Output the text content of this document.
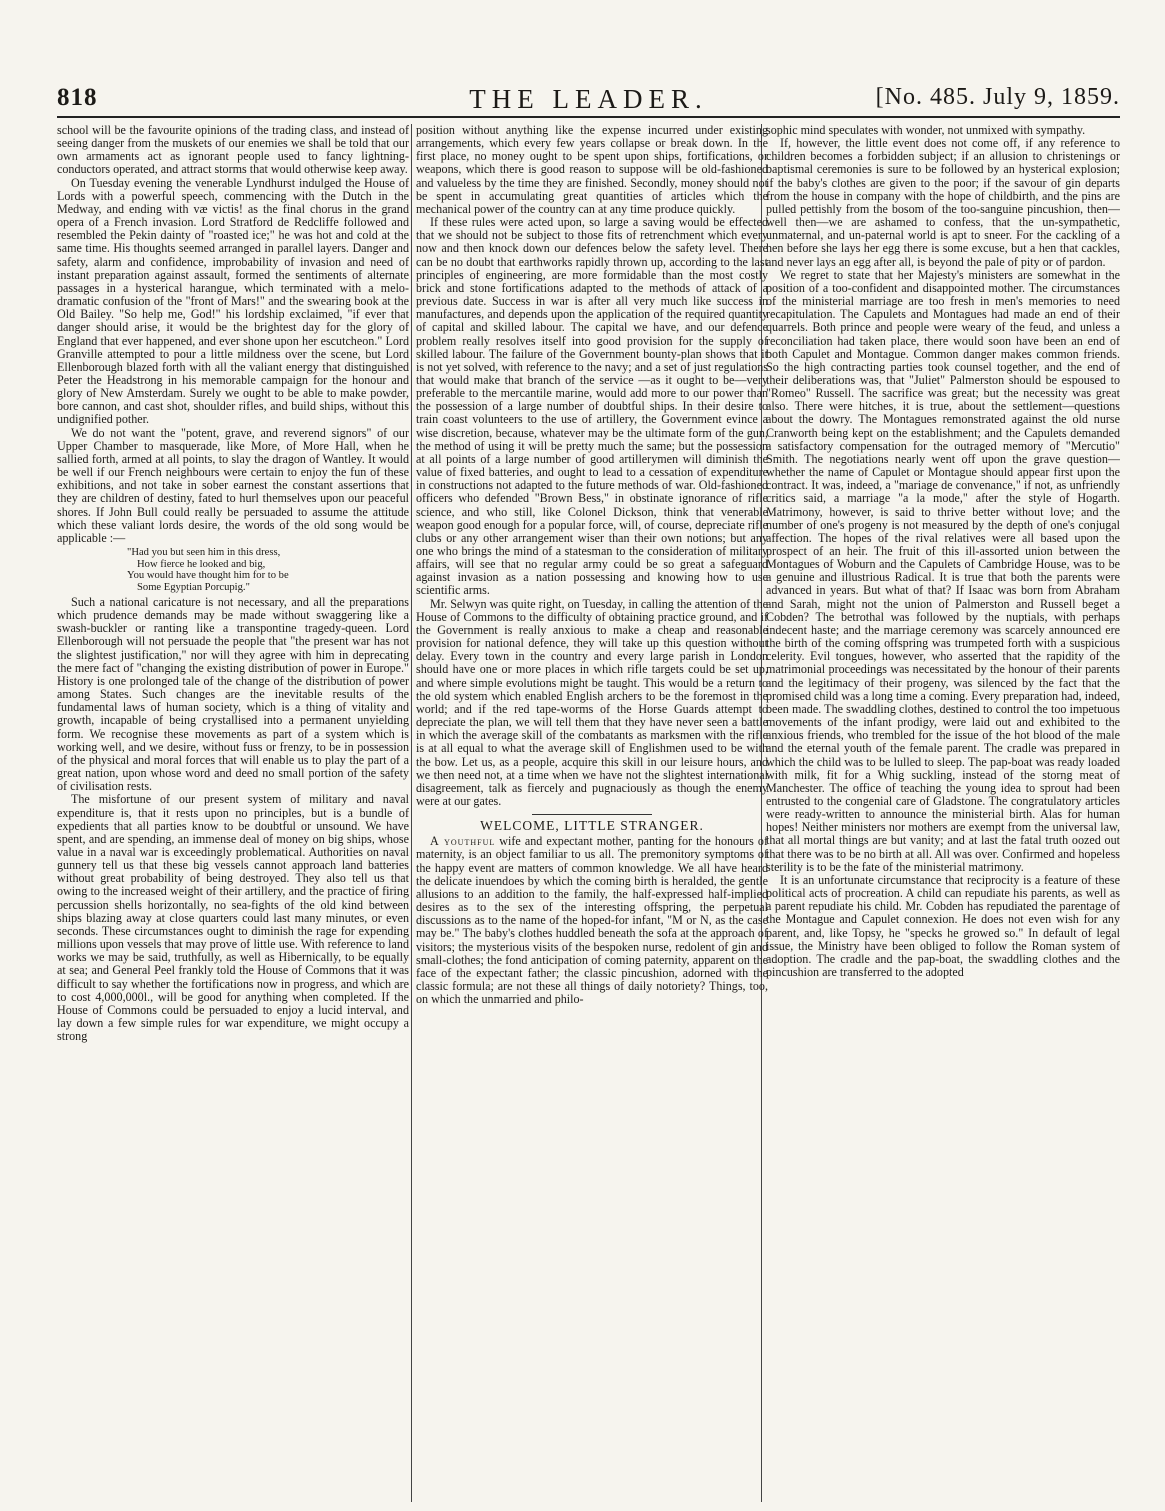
818	THE LEADER.	[No. 485. July 9, 1859.

school will be the favourite opinions of the trading class, and instead of seeing danger from the muskets of our enemies we shall be told that our own armaments act as ignorant people used to fancy lightning-conductors operated, and attract storms that would otherwise keep away.

On Tuesday evening the venerable Lyndhurst indulged the House of Lords with a powerful speech, commencing with the Dutch in the Medway, and ending with væ victis! as the final chorus in the grand opera of a French invasion. Lord Stratford de Redcliffe followed and resembled the Pekin dainty of "roasted ice;" he was hot and cold at the same time. His thoughts seemed arranged in parallel layers. Danger and safety, alarm and confidence, improbability of invasion and need of instant preparation against assault, formed the sentiments of alternate passages in a hysterical harangue, which terminated with a melo-dramatic confusion of the "front of Mars!" and the swearing book at the Old Bailey. "So help me, God!" his lordship exclaimed, "if ever that danger should arise, it would be the brightest day for the glory of England that ever happened, and ever shone upon her escutcheon." Lord Granville attempted to pour a little mildness over the scene, but Lord Ellenborough blazed forth with all the valiant energy that distinguished Peter the Headstrong in his memorable campaign for the honour and glory of New Amsterdam. Surely we ought to be able to make powder, bore cannon, and cast shot, shoulder rifles, and build ships, without this undignified pother.

We do not want the "potent, grave, and reverend signors" of our Upper Chamber to masquerade, like More, of More Hall, when he sallied forth, armed at all points, to slay the dragon of Wantley. It would be well if our French neighbours were certain to enjoy the fun of these exhibitions, and not take in sober earnest the constant assertions that they are children of destiny, fated to hurl themselves upon our peaceful shores. If John Bull could really be persuaded to assume the attitude which these valiant lords desire, the words of the old song would be applicable :—

"Had you but seen him in this dress,
How fierce he looked and big,
You would have thought him for to be
Some Egyptian Porcupig."

Such a national caricature is not necessary, and all the preparations which prudence demands may be made without swaggering like a swash-buckler or ranting like a transpontine tragedy-queen. Lord Ellenborough will not persuade the people that "the present war has not the slightest justification," nor will they agree with him in deprecating the mere fact of "changing the existing distribution of power in Europe." History is one prolonged tale of the change of the distribution of power among States. Such changes are the inevitable results of the fundamental laws of human society, which is a thing of vitality and growth, incapable of being crystallised into a permanent unyielding form. We recognise these movements as part of a system which is working well, and we desire, without fuss or frenzy, to be in possession of the physical and moral forces that will enable us to play the part of a great nation, upon whose word and deed no small portion of the safety of civilisation rests.

The misfortune of our present system of military and naval expenditure is, that it rests upon no principles, but is a bundle of expedients that all parties know to be doubtful or unsound. We have spent, and are spending, an immense deal of money on big ships, whose value in a naval war is exceedingly problematical. Authorities on naval gunnery tell us that these big vessels cannot approach land batteries without great probability of being destroyed. They also tell us that owing to the increased weight of their artillery, and the practice of firing percussion shells horizontally, no sea-fights of the old kind between ships blazing away at close quarters could last many minutes, or even seconds. These circumstances ought to diminish the rage for expending millions upon vessels that may prove of little use. With reference to land works we may be said, truthfully, as well as Hibernically, to be equally at sea; and General Peel frankly told the House of Commons that it was difficult to say whether the fortifications now in progress, and which are to cost 4,000,000l., will be good for anything when completed. If the House of Commons could be persuaded to enjoy a lucid interval, and lay down a few simple rules for war expenditure, we might occupy a strong

position without anything like the expense incurred under existing arrangements, which every few years collapse or break down. In the first place, no money ought to be spent upon ships, fortifications, or weapons, which there is good reason to suppose will be old-fashioned and valueless by the time they are finished. Secondly, money should not be spent in accumulating great quantities of articles which the mechanical power of the country can at any time produce quickly.

If these rules were acted upon, so large a saving would be effected that we should not be subject to those fits of retrenchment which every now and then knock down our defences below the safety level. There can be no doubt that earthworks rapidly thrown up, according to the last principles of engineering, are more formidable than the most costly brick and stone fortifications adapted to the methods of attack of a previous date. Success in war is after all very much like success in manufactures, and depends upon the application of the required quantity of capital and skilled labour. The capital we have, and our defence problem really resolves itself into good provision for the supply of skilled labour. The failure of the Government bounty-plan shows that it is not yet solved, with reference to the navy; and a set of just regulations that would make that branch of the service —as it ought to be—very preferable to the mercantile marine, would add more to our power than the possession of a large number of doubtful ships. In their desire to train coast volunteers to the use of artillery, the Government evince a wise discretion, because, whatever may be the ultimate form of the gun, the method of using it will be pretty much the same; but the possession at all points of a large number of good artillerymen will diminish the value of fixed batteries, and ought to lead to a cessation of expenditure in constructions not adapted to the future methods of war. Old-fashioned officers who defended "Brown Bess," in obstinate ignorance of rifle science, and who still, like Colonel Dickson, think that venerable weapon good enough for a popular force, will, of course, depreciate rifle clubs or any other arrangement wiser than their own notions; but any one who brings the mind of a statesman to the consideration of military affairs, will see that no regular army could be so great a safeguard against invasion as a nation possessing and knowing how to use scientific arms.

Mr. Selwyn was quite right, on Tuesday, in calling the attention of the House of Commons to the difficulty of obtaining practice ground, and if the Government is really anxious to make a cheap and reasonable provision for national defence, they will take up this question without delay. Every town in the country and every large parish in London should have one or more places in which rifle targets could be set up, and where simple evolutions might be taught. This would be a return to the old system which enabled English archers to be the foremost in the world; and if the red tape-worms of the Horse Guards attempt to depreciate the plan, we will tell them that they have never seen a battle in which the average skill of the combatants as marksmen with the rifle is at all equal to what the average skill of Englishmen used to be with the bow. Let us, as a people, acquire this skill in our leisure hours, and we then need not, at a time when we have not the slightest international disagreement, talk as fiercely and pugnaciously as though the enemy were at our gates.

WELCOME, LITTLE STRANGER.

A youthful wife and expectant mother, panting for the honours of maternity, is an object familiar to us all. The premonitory symptoms of the happy event are matters of common knowledge. We all have heard the delicate inuendoes by which the coming birth is heralded, the gentle allusions to an addition to the family, the half-expressed half-implied desires as to the sex of the interesting offspring, the perpetual discussions as to the name of the hoped-for infant, "M or N, as the case may be." The baby's clothes huddled beneath the sofa at the approach of visitors; the mysterious visits of the bespoken nurse, redolent of gin and small-clothes; the fond anticipation of coming paternity, apparent on the face of the expectant father; the classic pincushion, adorned with the classic formula; are not these all things of daily notoriety? Things, too, on which the unmarried and philo-

sophic mind speculates with wonder, not unmixed with sympathy.

If, however, the little event does not come off, if any reference to children becomes a forbidden subject; if an allusion to christenings or baptismal ceremonies is sure to be followed by an hysterical explosion; if the baby's clothes are given to the poor; if the savour of gin departs from the house in company with the hope of childbirth, and the pins are pulled pettishly from the bosom of the too-sanguine pincushion, then—well then—we are ashamed to confess, that the un-sympathetic, unmaternal, and un-paternal world is apt to sneer. For the cackling of a hen before she lays her egg there is some excuse, but a hen that cackles, and never lays an egg after all, is beyond the pale of pity or of pardon.

We regret to state that her Majesty's ministers are somewhat in the position of a too-confident and disappointed mother. The circumstances of the ministerial marriage are too fresh in men's memories to need recapitulation. The Capulets and Montagues had made an end of their quarrels. Both prince and people were weary of the feud, and unless a reconciliation had taken place, there would soon have been an end of both Capulet and Montague. Common danger makes common friends. So the high contracting parties took counsel together, and the end of their deliberations was, that "Juliet" Palmerston should be espoused to "Romeo" Russell. The sacrifice was great; but the necessity was great also. There were hitches, it is true, about the settlement—questions about the dowry. The Montagues remonstrated against the old nurse Cranworth being kept on the establishment; and the Capulets demanded a satisfactory compensation for the outraged memory of "Mercutio" Smith. The negotiations nearly went off upon the grave question—whether the name of Capulet or Montague should appear first upon the contract. It was, indeed, a "mariage de convenance," if not, as unfriendly critics said, a marriage "a la mode," after the style of Hogarth. Matrimony, however, is said to thrive better without love; and the number of one's progeny is not measured by the depth of one's conjugal affection. The hopes of the rival relatives were all based upon the prospect of an heir. The fruit of this ill-assorted union between the Montagues of Woburn and the Capulets of Cambridge House, was to be a genuine and illustrious Radical. It is true that both the parents were advanced in years. But what of that? If Isaac was born from Abraham and Sarah, might not the union of Palmerston and Russell beget a Cobden? The betrothal was followed by the nuptials, with perhaps indecent haste; and the marriage ceremony was scarcely announced ere the birth of the coming offspring was trumpeted forth with a suspicious celerity. Evil tongues, however, who asserted that the rapidity of the matrimonial proceedings was necessitated by the honour of their parents and the legitimacy of their progeny, was silenced by the fact that the promised child was a long time a coming. Every preparation had, indeed, been made. The swaddling clothes, destined to control the too impetuous movements of the infant prodigy, were laid out and exhibited to the anxious friends, who trembled for the issue of the hot blood of the male and the eternal youth of the female parent. The cradle was prepared in which the child was to be lulled to sleep. The pap-boat was ready loaded with milk, fit for a Whig suckling, instead of the storng meat of Manchester. The office of teaching the young idea to sprout had been entrusted to the congenial care of Gladstone. The congratulatory articles were ready-written to announce the ministerial birth. Alas for human hopes! Neither ministers nor mothers are exempt from the universal law, that all mortal things are but vanity; and at last the fatal truth oozed out that there was to be no birth at all. All was over. Confirmed and hopeless sterility is to be the fate of the ministerial matrimony.

It is an unfortunate circumstance that reciprocity is a feature of these political acts of procreation. A child can repudiate his parents, as well as a parent repudiate his child. Mr. Cobden has repudiated the parentage of the Montague and Capulet connexion. He does not even wish for any parent, and, like Topsy, he "specks he growed so." In default of legal issue, the Ministry have been obliged to follow the Roman system of adoption. The cradle and the pap-boat, the swaddling clothes and the pincushion are transferred to the adopted
